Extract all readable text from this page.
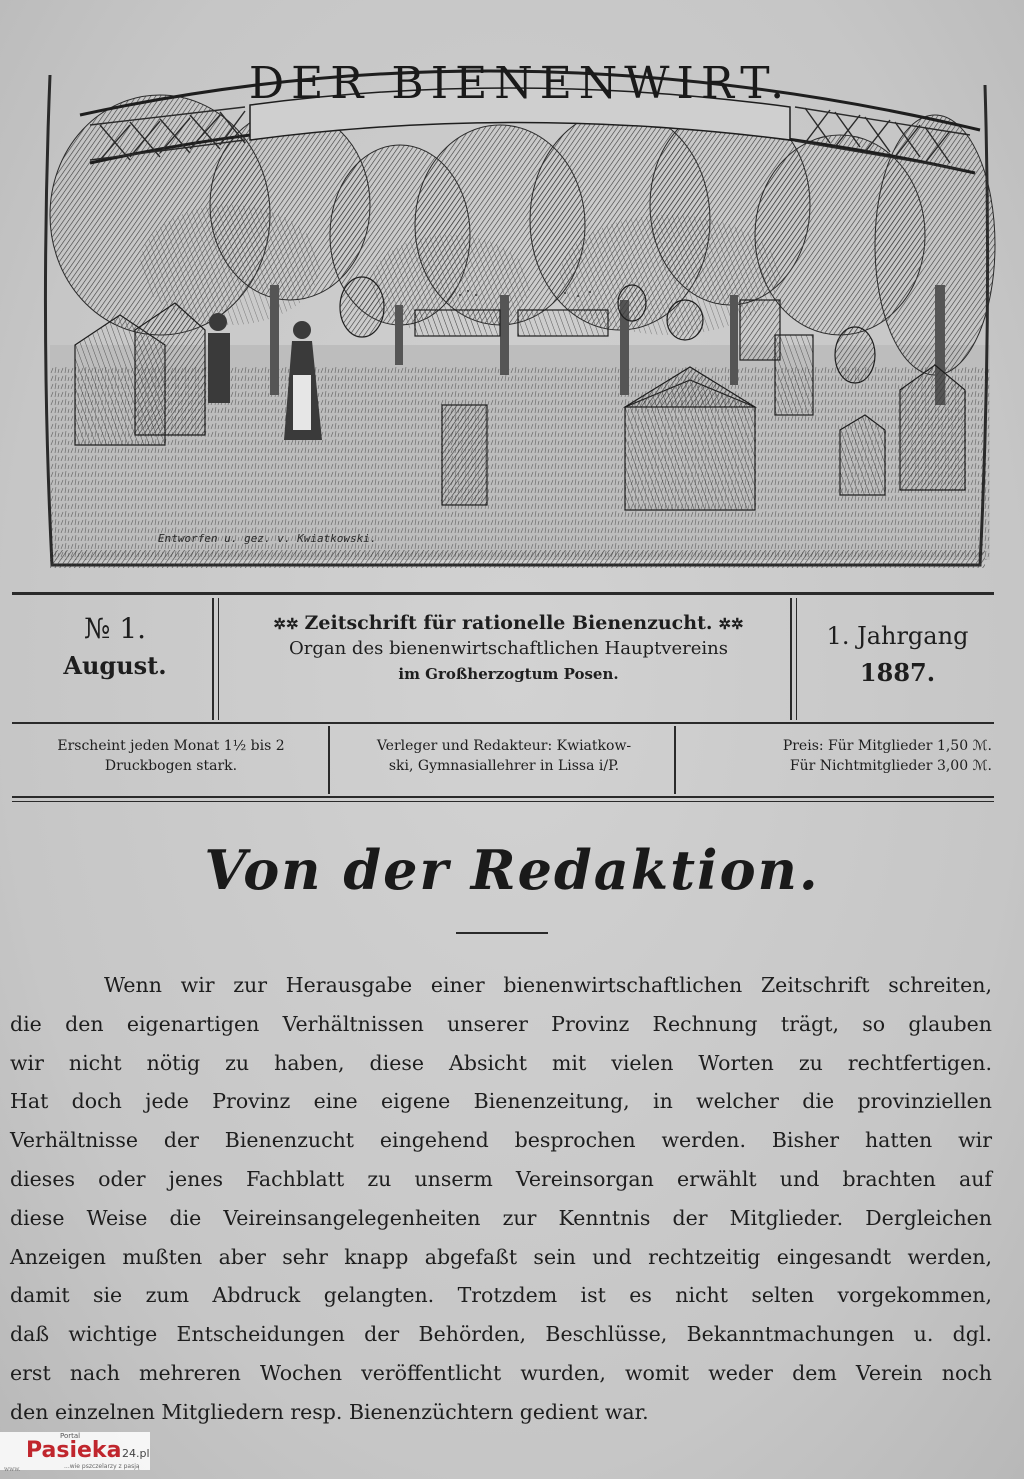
DER BIENENWIRT.
Entworfen u. gez. v. Kwiatkowski.
№ 1.
August.
✲✲ Zeitschrift für rationelle Bienenzucht. ✲✲
Organ des bienenwirtschaftlichen Hauptvereins
im Großherzogtum Posen.
1. Jahrgang
1887.
Erscheint jeden Monat 1½ bis 2
Druckbogen stark.
Verleger und Redakteur: Kwiatkow-
ski, Gymnasiallehrer in Lissa i/P.
Preis: Für Mitglieder 1,50 ℳ.
Für Nichtmitglieder 3,00 ℳ.
Von der Redaktion.
Wenn wir zur Herausgabe einer bienenwirtschaftlichen Zeitschrift schreiten,
die den eigenartigen Verhältnissen unserer Provinz Rechnung trägt, so glauben
wir nicht nötig zu haben, diese Absicht mit vielen Worten zu rechtfertigen.
Hat doch jede Provinz eine eigene Bienenzeitung, in welcher die provinziellen
Verhältnisse der Bienenzucht eingehend besprochen werden. Bisher hatten wir
dieses oder jenes Fachblatt zu unserm Vereinsorgan erwählt und brachten auf
diese Weise die Veireinsangelegenheiten zur Kenntnis der Mitglieder. Dergleichen
Anzeigen mußten aber sehr knapp abgefaßt sein und rechtzeitig eingesandt werden,
damit sie zum Abdruck gelangten. Trotzdem ist es nicht selten vorgekommen,
daß wichtige Entscheidungen der Behörden, Beschlüsse, Bekanntmachungen u. dgl.
erst nach mehreren Wochen veröffentlicht wurden, womit weder dem Verein noch
den einzelnen Mitgliedern resp. Bienenzüchtern gedient war.
www.
Portal
Pasieka 24.pl
...wie pszczelarzy z pasją
